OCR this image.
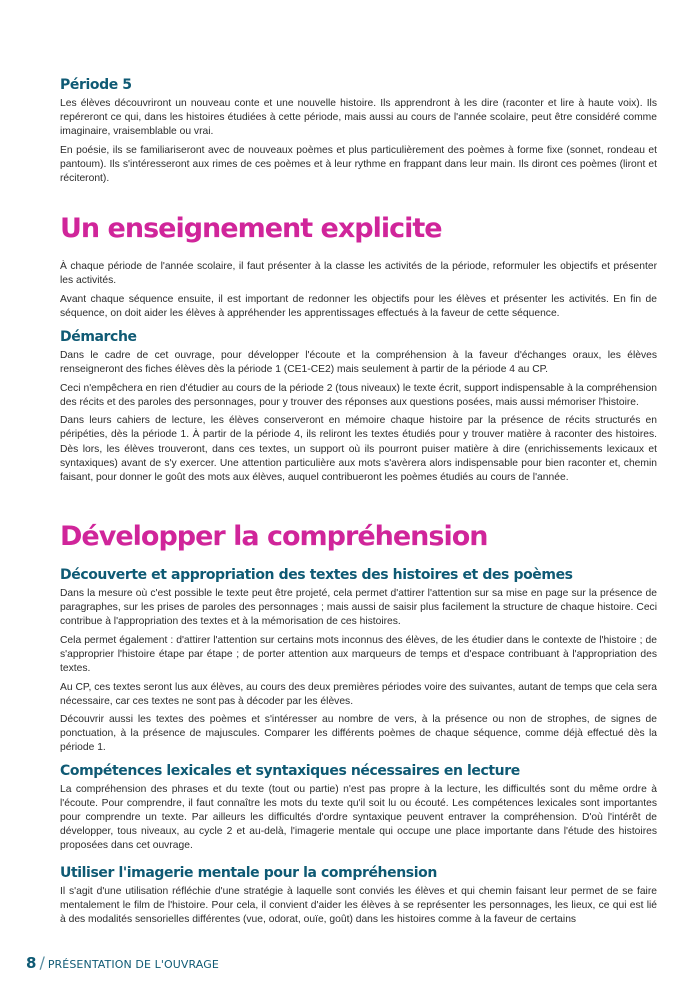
Période 5

Les élèves découvriront un nouveau conte et une nouvelle histoire. Ils apprendront à les dire (raconter et lire à haute voix). Ils repéreront ce qui, dans les histoires étudiées à cette période, mais aussi au cours de l'année scolaire, peut être considéré comme imaginaire, vraisemblable ou vrai.

En poésie, ils se familiariseront avec de nouveaux poèmes et plus particulièrement des poèmes à forme fixe (sonnet, rondeau et pantoum). Ils s'intéresseront aux rimes de ces poèmes et à leur rythme en frappant dans leur main. Ils diront ces poèmes (liront et réciteront).

Un enseignement explicite

À chaque période de l'année scolaire, il faut présenter à la classe les activités de la période, reformuler les objectifs et présenter les activités.

Avant chaque séquence ensuite, il est important de redonner les objectifs pour les élèves et présenter les activités. En fin de séquence, on doit aider les élèves à appréhender les apprentissages effectués à la faveur de cette séquence.

Démarche

Dans le cadre de cet ouvrage, pour développer l'écoute et la compréhension à la faveur d'échanges oraux, les élèves renseigneront des fiches élèves dès la période 1 (CE1-CE2) mais seulement à partir de la période 4 au CP.

Ceci n'empêchera en rien d'étudier au cours de la période 2 (tous niveaux) le texte écrit, support indispensable à la compréhension des récits et des paroles des personnages, pour y trouver des réponses aux questions posées, mais aussi mémoriser l'histoire.

Dans leurs cahiers de lecture, les élèves conserveront en mémoire chaque histoire par la présence de récits structurés en péripéties, dès la période 1. À partir de la période 4, ils reliront les textes étudiés pour y trouver matière à raconter des histoires. Dès lors, les élèves trouveront, dans ces textes, un support où ils pourront puiser matière à dire (enrichissements lexicaux et syntaxiques) avant de s'y exercer. Une attention particulière aux mots s'avèrera alors indispensable pour bien raconter et, chemin faisant, pour donner le goût des mots aux élèves, auquel contribueront les poèmes étudiés au cours de l'année.

Développer la compréhension
Découverte et appropriation des textes des histoires et des poèmes

Dans la mesure où c'est possible le texte peut être projeté, cela permet d'attirer l'attention sur sa mise en page sur la présence de paragraphes, sur les prises de paroles des personnages ; mais aussi de saisir plus facilement la structure de chaque histoire. Ceci contribue à l'appropriation des textes et à la mémorisation de ces histoires.

Cela permet également : d'attirer l'attention sur certains mots inconnus des élèves, de les étudier dans le contexte de l'histoire ; de s'approprier l'histoire étape par étape ; de porter attention aux marqueurs de temps et d'espace contribuant à l'appropriation des textes.

Au CP, ces textes seront lus aux élèves, au cours des deux premières périodes voire des suivantes, autant de temps que cela sera nécessaire, car ces textes ne sont pas à décoder par les élèves.

Découvrir aussi les textes des poèmes et s'intéresser au nombre de vers, à la présence ou non de strophes, de signes de ponctuation, à la présence de majuscules. Comparer les différents poèmes de chaque séquence, comme déjà effectué dès la période 1.

Compétences lexicales et syntaxiques nécessaires en lecture

La compréhension des phrases et du texte (tout ou partie) n'est pas propre à la lecture, les difficultés sont du même ordre à l'écoute. Pour comprendre, il faut connaître les mots du texte qu'il soit lu ou écouté. Les compétences lexicales sont importantes pour comprendre un texte. Par ailleurs les difficultés d'ordre syntaxique peuvent entraver la compréhension. D'où l'intérêt de développer, tous niveaux, au cycle 2 et au-delà, l'imagerie mentale qui occupe une place importante dans l'étude des histoires proposées dans cet ouvrage.

Utiliser l'imagerie mentale pour la compréhension

Il s'agit d'une utilisation réfléchie d'une stratégie à laquelle sont conviés les élèves et qui chemin faisant leur permet de se faire mentalement le film de l'histoire. Pour cela, il convient d'aider les élèves à se représenter les personnages, les lieux, ce qui est lié à des modalités sensorielles différentes (vue, odorat, ouïe, goût) dans les histoires comme à la faveur de certains

8 / PRÉSENTATION DE L'OUVRAGE
